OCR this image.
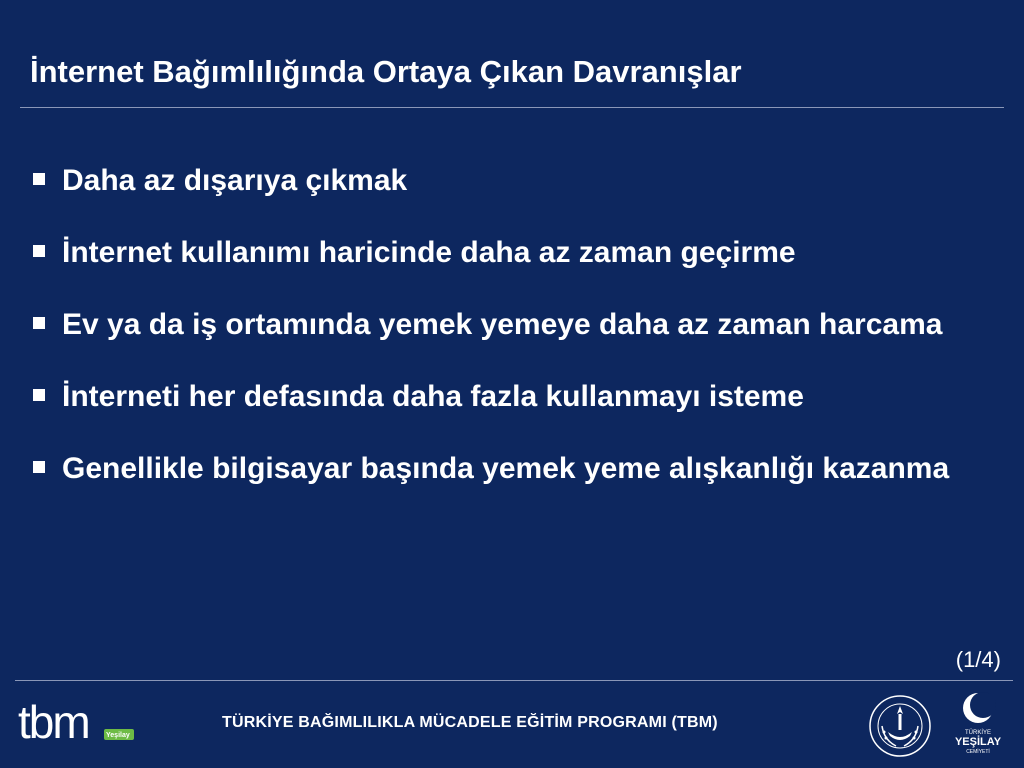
İnternet Bağımlılığında Ortaya Çıkan Davranışlar
Daha az dışarıya çıkmak
İnternet kullanımı haricinde daha az zaman geçirme
Ev ya da iş ortamında yemek yemeye daha az zaman harcama
İnterneti her defasında daha fazla kullanmayı isteme
Genellikle bilgisayar başında yemek yeme alışkanlığı kazanma
(1/4)
tbm Yeşilay
TÜRKİYE BAĞIMLILIKLA MÜCADELE EĞİTİM PROGRAMI (TBM)
TÜRKİYE
YEŞİLAY
CEMİYETİ
